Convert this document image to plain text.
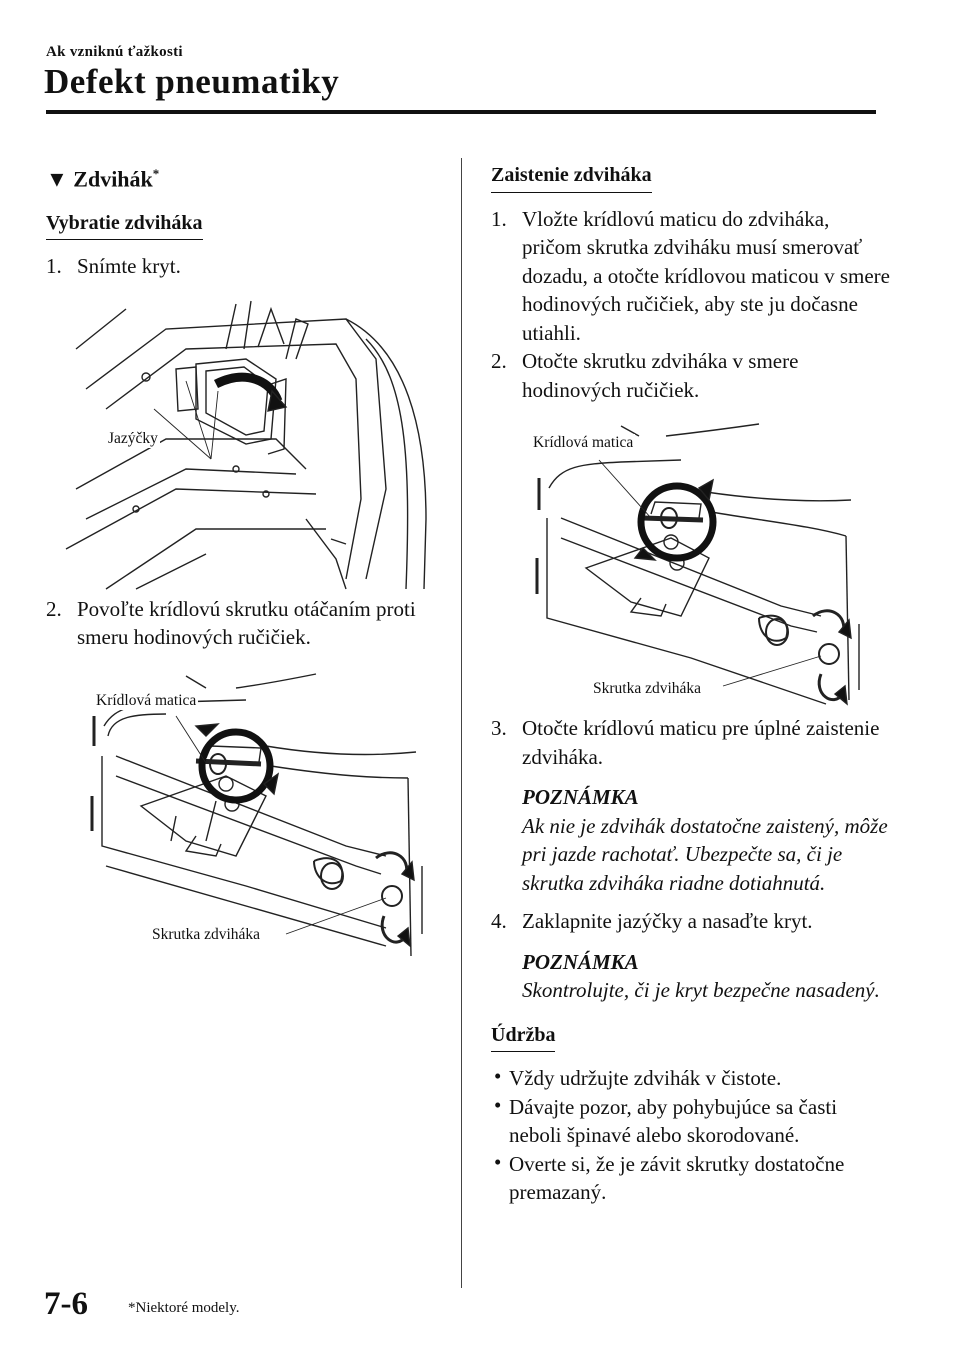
Ak vzniknú ťažkosti
Defekt pneumatiky
▼ Zdvihák*
Vybratie zdviháka
1. Snímte kryt.
Jazýčky
2. Povoľte krídlovú skrutku otáčaním proti smeru hodinových ručičiek.
Krídlová matica
Skrutka zdviháka
Zaistenie zdviháka
1. Vložte krídlovú maticu do zdviháka, pričom skrutka zdviháku musí smerovať dozadu, a otočte krídlovou maticou v smere hodinových ručičiek, aby ste ju dočasne utiahli.
2. Otočte skrutku zdviháka v smere hodinových ručičiek.
Krídlová matica
Skrutka zdviháka
3. Otočte krídlovú maticu pre úplné zaistenie zdviháka.
POZNÁMKA
Ak nie je zdvihák dostatočne zaistený, môže pri jazde rachotať. Ubezpečte sa, či je skrutka zdviháka riadne dotiahnutá.
4. Zaklapnite jazýčky a nasaďte kryt.
POZNÁMKA
Skontrolujte, či je kryt bezpečne nasadený.
Údržba
• Vždy udržujte zdvihák v čistote.
• Dávajte pozor, aby pohybujúce sa časti neboli špinavé alebo skorodované.
• Overte si, že je závit skrutky dostatočne premazaný.
7-6	*Niektoré modely.
